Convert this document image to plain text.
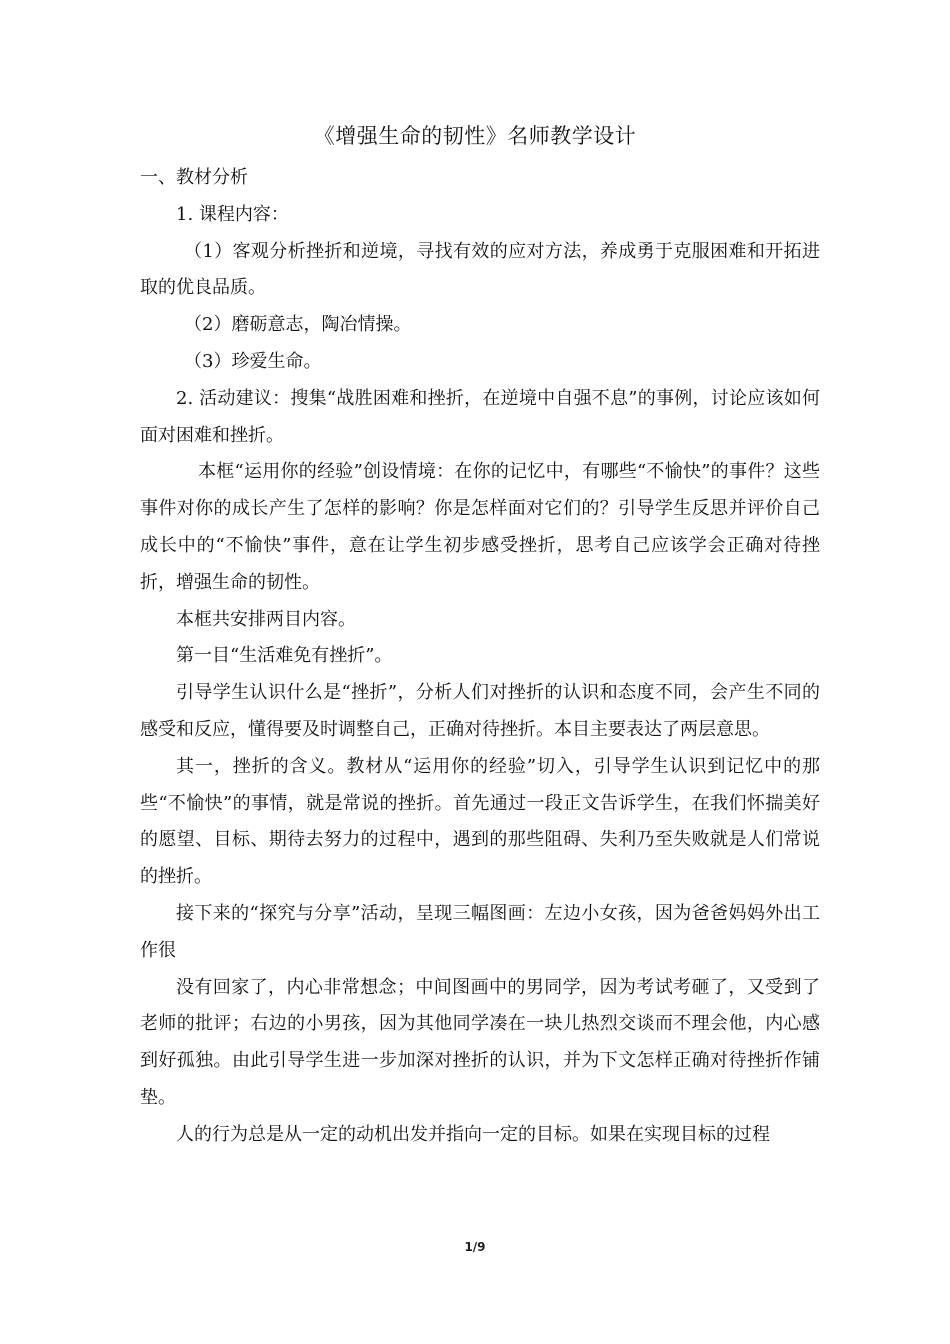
《增强生命的韧性》名师教学设计

一、教材分析

1. 课程内容：

（1）客观分析挫折和逆境，寻找有效的应对方法，养成勇于克服困难和开拓进取的优良品质。

（2）磨砺意志，陶冶情操。

（3）珍爱生命。

2. 活动建议：搜集“战胜困难和挫折，在逆境中自强不息”的事例，讨论应该如何面对困难和挫折。

本框“运用你的经验”创设情境：在你的记忆中，有哪些“不愉快”的事件？这些事件对你的成长产生了怎样的影响？你是怎样面对它们的？引导学生反思并评价自己成长中的“不愉快”事件，意在让学生初步感受挫折，思考自己应该学会正确对待挫折，增强生命的韧性。

本框共安排两目内容。

第一目“生活难免有挫折”。

引导学生认识什么是“挫折”，分析人们对挫折的认识和态度不同，会产生不同的感受和反应，懂得要及时调整自己，正确对待挫折。本目主要表达了两层意思。

其一，挫折的含义。教材从“运用你的经验”切入，引导学生认识到记忆中的那些“不愉快”的事情，就是常说的挫折。首先通过一段正文告诉学生，在我们怀揣美好的愿望、目标、期待去努力的过程中，遇到的那些阻碍、失利乃至失败就是人们常说的挫折。

接下来的“探究与分享”活动，呈现三幅图画：左边小女孩，因为爸爸妈妈外出工作很

没有回家了，内心非常想念；中间图画中的男同学，因为考试考砸了，又受到了老师的批评；右边的小男孩，因为其他同学凑在一块儿热烈交谈而不理会他，内心感到好孤独。由此引导学生进一步加深对挫折的认识，并为下文怎样正确对待挫折作铺垫。

人的行为总是从一定的动机出发并指向一定的目标。如果在实现目标的过程

1/9
